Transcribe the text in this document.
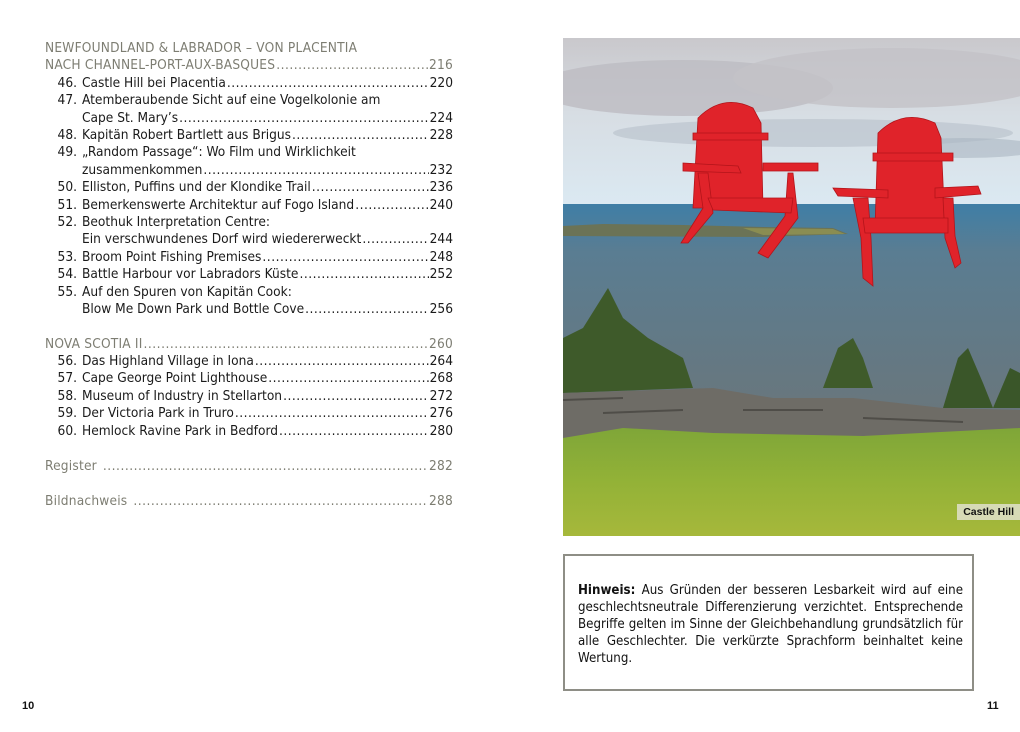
NEWFOUNDLAND & LABRADOR – VON PLACENTIA
NACH CHANNEL-PORT-AUX-BASQUES .....	216
46. Castle Hill bei Placentia .....	220
47. Atemberaubende Sicht auf eine Vogelkolonie am
Cape St. Mary’s .....	224
48. Kapitän Robert Bartlett aus Brigus .....	228
49. „Random Passage“: Wo Film und Wirklichkeit
zusammenkommen .....	232
50. Elliston, Puffins und der Klondike Trail .....	236
51. Bemerkenswerte Architektur auf Fogo Island .....	240
52. Beothuk Interpretation Centre:
Ein verschwundenes Dorf wird wiedererweckt .....	244
53. Broom Point Fishing Premises .....	248
54. Battle Harbour vor Labradors Küste .....	252
55. Auf den Spuren von Kapitän Cook:
Blow Me Down Park und Bottle Cove .....	256
NOVA SCOTIA II .....	260
56. Das Highland Village in Iona .....	264
57. Cape George Point Lighthouse .....	268
58. Museum of Industry in Stellarton .....	272
59. Der Victoria Park in Truro .....	276
60. Hemlock Ravine Park in Bedford .....	280
Register .....	282
Bildnachweis .....	288
10
Castle Hill

Hinweis: Aus Gründen der besseren Lesbarkeit wird auf eine geschlechtsneutrale Differenzierung verzichtet. Entsprechende Begriffe gelten im Sinne der Gleichbehandlung grundsätzlich für alle Geschlechter. Die verkürzte Sprachform beinhaltet keine Wertung.

11
